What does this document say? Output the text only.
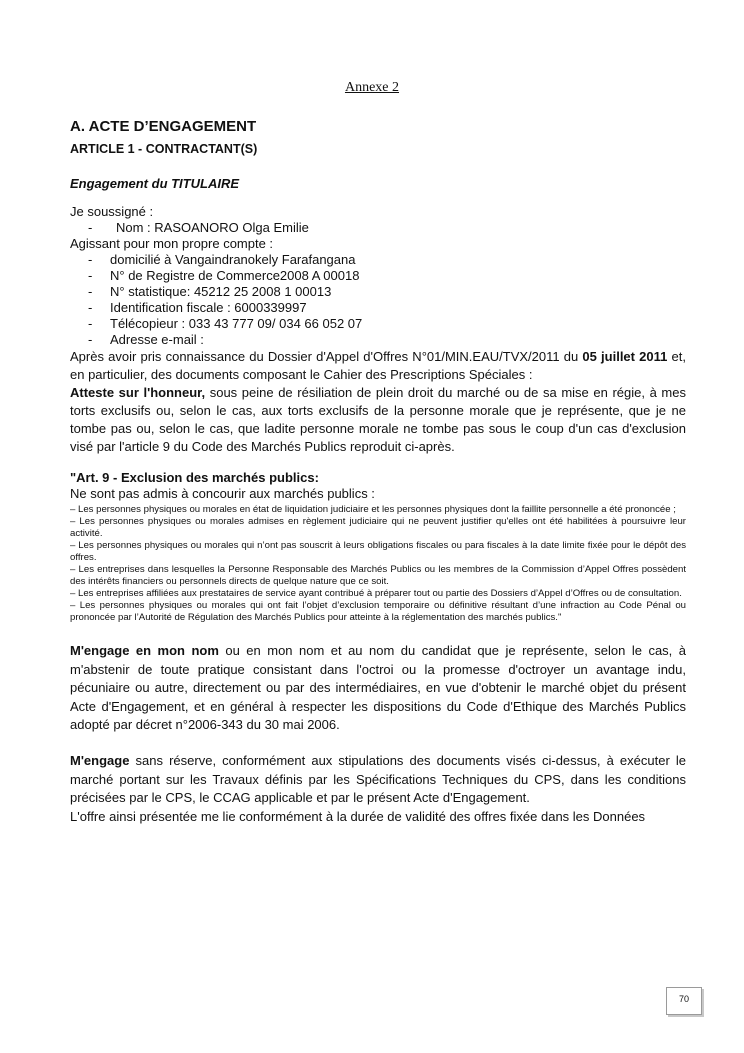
Annexe 2
A. ACTE D’ENGAGEMENT
ARTICLE 1 - CONTRACTANT(S)
Engagement du TITULAIRE
Je soussigné :
- Nom : RASOANORO Olga Emilie
Agissant pour mon propre compte :
- domicilié à Vangaindranokely Farafangana
- N° de Registre de Commerce2008 A 00018
- N° statistique: 45212 25 2008 1 00013
- Identification fiscale : 6000339997
- Télécopieur : 033 43 777 09/ 034 66 052 07
- Adresse e-mail :

Après avoir pris connaissance du Dossier d'Appel d'Offres N°01/MIN.EAU/TVX/2011 du 05 juillet 2011 et, en particulier, des documents composant le Cahier des Prescriptions Spéciales :
Atteste sur l'honneur, sous peine de résiliation de plein droit du marché ou de sa mise en régie, à mes torts exclusifs ou, selon le cas, aux torts exclusifs de la personne morale que je représente, que je ne tombe pas ou, selon le cas, que ladite personne morale ne tombe pas sous le coup d'un cas d'exclusion visé par l'article 9 du Code des Marchés Publics reproduit ci-après.

"Art. 9 - Exclusion des marchés publics:
Ne sont pas admis à concourir aux marchés publics :

– Les personnes physiques ou morales en état de liquidation judiciaire et les personnes physiques dont la faillite personnelle a été prononcée ;

– Les personnes physiques ou morales admises en règlement judiciaire qui ne peuvent justifier qu'elles ont été habilitées à poursuivre leur activité.

– Les personnes physiques ou morales qui n’ont pas souscrit à leurs obligations fiscales ou para fiscales à la date limite fixée pour le dépôt des offres.

– Les entreprises dans lesquelles la Personne Responsable des Marchés Publics ou les membres de la Commission d’Appel Offres possèdent des intérêts financiers ou personnels directs de quelque nature que ce soit.

– Les entreprises affiliées aux prestataires de service ayant contribué à préparer tout ou partie des Dossiers d’Appel d’Offres ou de consultation.

– Les personnes physiques ou morales qui ont fait l’objet d’exclusion temporaire ou définitive résultant d’une infraction au Code Pénal ou prononcée par l’Autorité de Régulation des Marchés Publics pour atteinte à la réglementation des marchés publics."

M'engage en mon nom ou en mon nom et au nom du candidat que je représente, selon le cas, à m'abstenir de toute pratique consistant dans l'octroi ou la promesse d'octroyer un avantage indu, pécuniaire ou autre, directement ou par des intermédiaires, en vue d'obtenir le marché objet du présent Acte d'Engagement, et en général à respecter les dispositions du Code d'Ethique des Marchés Publics adopté par décret n°2006-343 du 30 mai 2006.

M'engage sans réserve, conformément aux stipulations des documents visés ci-dessus, à exécuter le marché portant sur les Travaux définis par les Spécifications Techniques du CPS, dans les conditions précisées par le CPS, le CCAG applicable et par le présent Acte d'Engagement.

L'offre ainsi présentée me lie conformément à la durée de validité des offres fixée dans les Données

70
